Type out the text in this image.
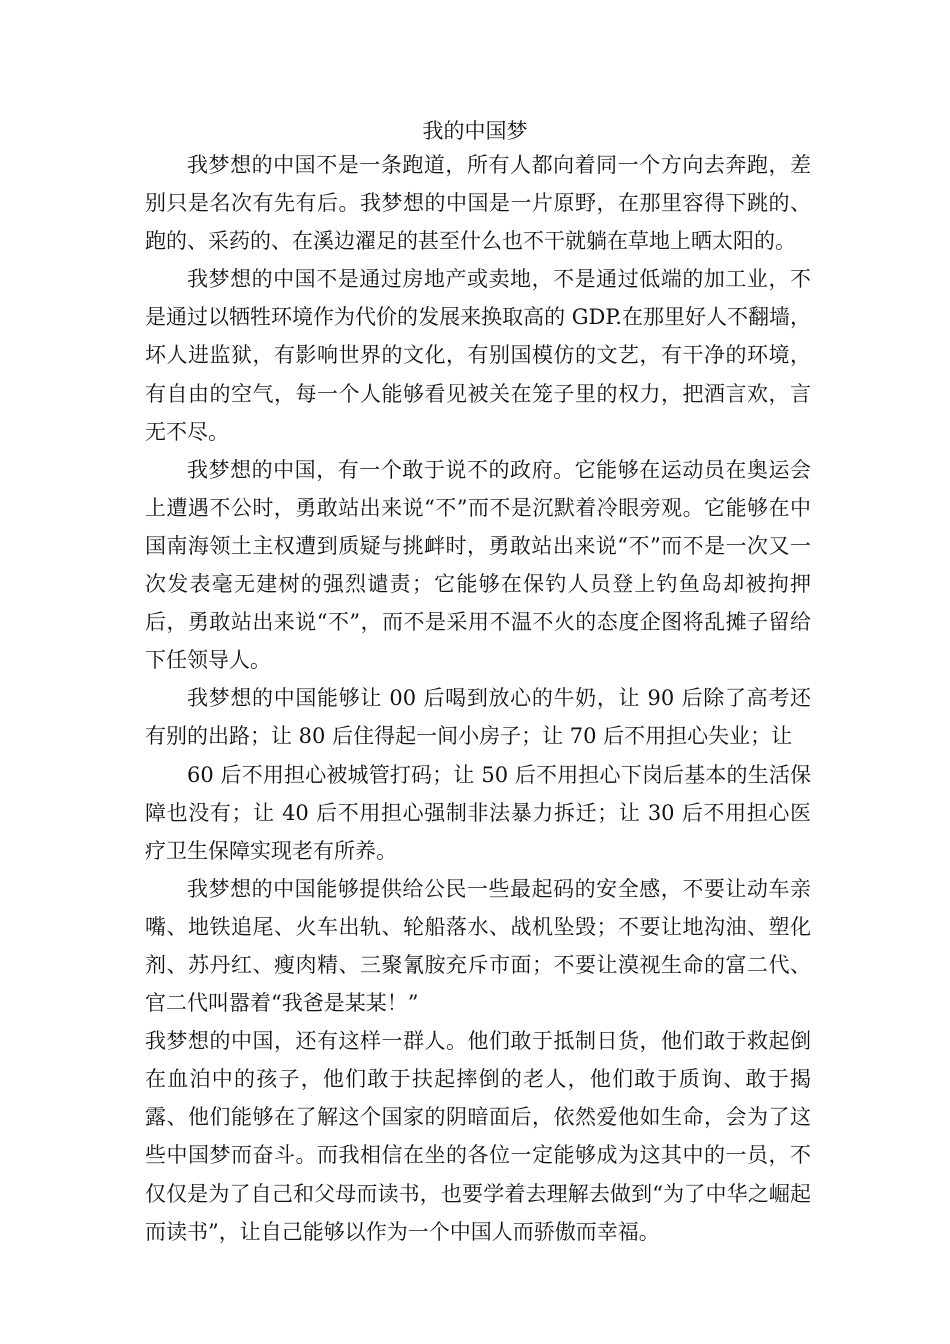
我的中国梦

我梦想的中国不是一条跑道，所有人都向着同一个方向去奔跑，差别只是名次有先有后。我梦想的中国是一片原野，在那里容得下跳的、跑的、采药的、在溪边濯足的甚至什么也不干就躺在草地上晒太阳的。

我梦想的中国不是通过房地产或卖地，不是通过低端的加工业，不是通过以牺牲环境作为代价的发展来换取高的 GDP.在那里好人不翻墙，坏人进监狱，有影响世界的文化，有别国模仿的文艺，有干净的环境，有自由的空气，每一个人能够看见被关在笼子里的权力，把酒言欢，言无不尽。

我梦想的中国，有一个敢于说不的政府。它能够在运动员在奥运会上遭遇不公时，勇敢站出来说“不”而不是沉默着冷眼旁观。它能够在中国南海领土主权遭到质疑与挑衅时，勇敢站出来说“不”而不是一次又一次发表毫无建树的强烈谴责；它能够在保钓人员登上钓鱼岛却被拘押后，勇敢站出来说“不”，而不是采用不温不火的态度企图将乱摊子留给下任领导人。

我梦想的中国能够让 00 后喝到放心的牛奶，让 90 后除了高考还有别的出路；让 80 后住得起一间小房子；让 70 后不用担心失业；让

60 后不用担心被城管打码；让 50 后不用担心下岗后基本的生活保障也没有；让 40 后不用担心强制非法暴力拆迁；让 30 后不用担心医疗卫生保障实现老有所养。

我梦想的中国能够提供给公民一些最起码的安全感，不要让动车亲嘴、地铁追尾、火车出轨、轮船落水、战机坠毁；不要让地沟油、塑化剂、苏丹红、瘦肉精、三聚氰胺充斥市面；不要让漠视生命的富二代、官二代叫嚣着“我爸是某某！”

我梦想的中国，还有这样一群人。他们敢于抵制日货，他们敢于救起倒在血泊中的孩子，他们敢于扶起摔倒的老人，他们敢于质询、敢于揭露、他们能够在了解这个国家的阴暗面后，依然爱他如生命，会为了这些中国梦而奋斗。而我相信在坐的各位一定能够成为这其中的一员，不仅仅是为了自己和父母而读书，也要学着去理解去做到“为了中华之崛起而读书”，让自己能够以作为一个中国人而骄傲而幸福。
